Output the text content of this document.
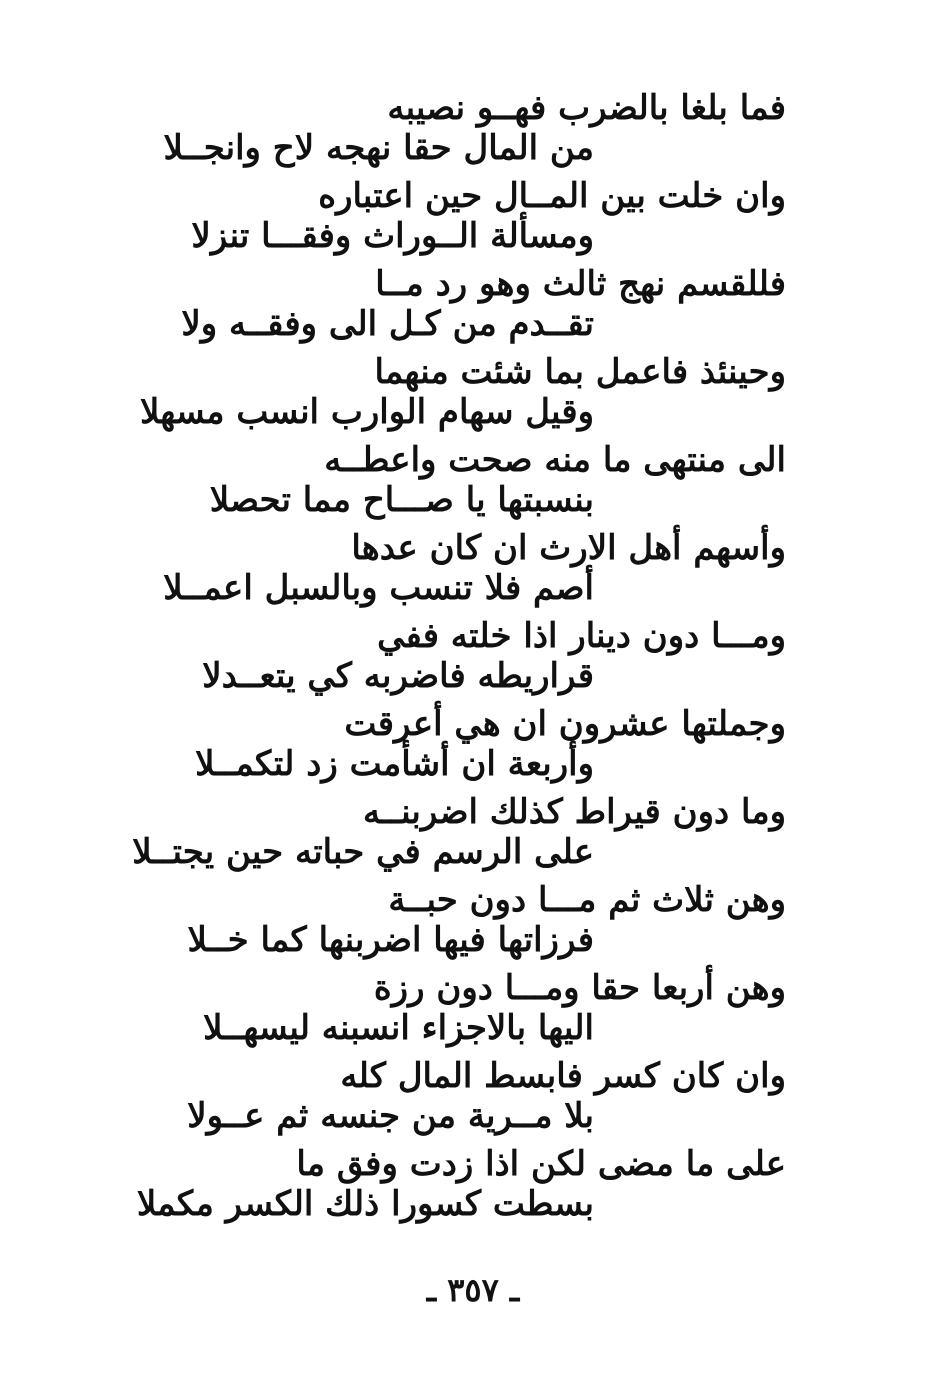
فما بلغا بالضرب فهــو نصيبه
من المال حقا نهجه لاح وانجــلا
وان خلت بين المــال حين اعتباره
ومسألة الــوراث وفقـــا تنزلا
فللقسم نهج ثالث وهو رد مــا
تقــدم من كـل الى وفقــه ولا
وحينئذ فاعمل بما شئت منهما
وقيل سهام الوارب انسب مسهلا
الى منتهى ما منه صحت واعطــه
بنسبتها يا صـــاح مما تحصلا
وأسهم أهل الارث ان كان عدها
أصم فلا تنسب وبالسبل اعمــلا
ومـــا دون دينار اذا خلته ففي
قراريطه فاضربه كي يتعــدلا
وجملتها عشرون ان هي أعرقت
وأربعة ان أشأمت زد لتكمــلا
وما دون قيراط كذلك اضربنــه
على الرسم في حباته حين يجتــلا
وهن ثلاث ثم مـــا دون حبــة
فرزاتها فيها اضربنها كما خــلا
وهن أربعا حقا ومـــا دون رزة
اليها بالاجزاء انسبنه ليسهــلا
وان كان كسر فابسط المال كله
بلا مــرية من جنسه ثم عــولا
على ما مضى لكن اذا زدت وفق ما
بسطت كسورا ذلك الكسر مكملا
ـ ٣٥٧ ـ
